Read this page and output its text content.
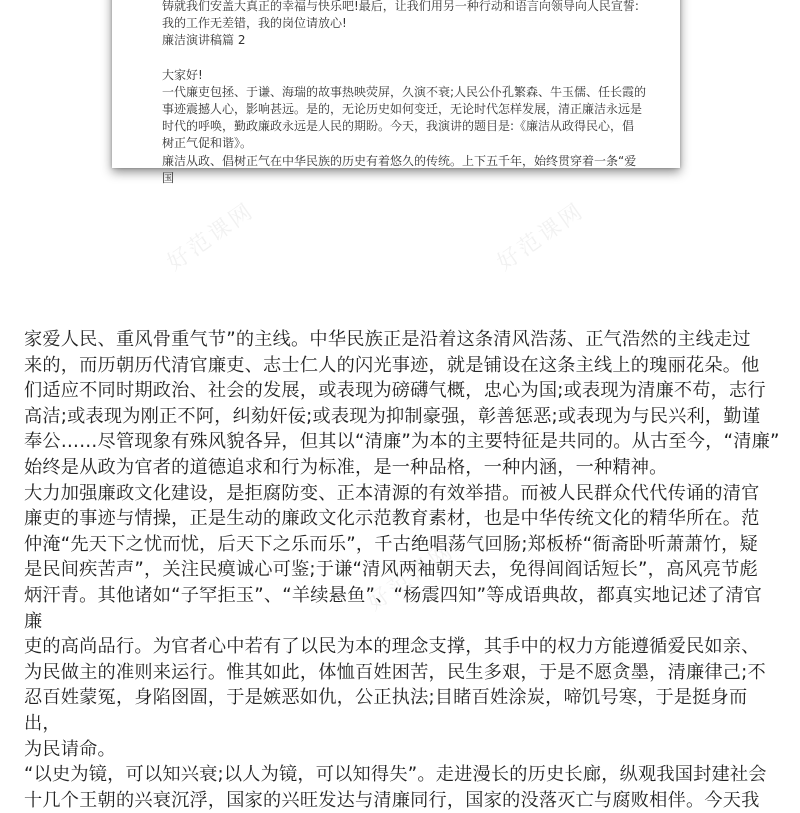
铸就我们安盖大真正的幸福与快乐吧!最后，让我们用另一种行动和语言向领导向人民宣誓:

我的工作无差错，我的岗位请放心!

廉洁演讲稿篇 2

大家好!

一代廉吏包拯、于谦、海瑞的故事热映荧屏，久演不衰;人民公仆孔繁森、牛玉儒、任长霞的

事迹震撼人心，影响甚远。是的，无论历史如何变迁，无论时代怎样发展，清正廉洁永远是

时代的呼唤，勤政廉政永远是人民的期盼。今天，我演讲的题目是:《廉洁从政得民心，倡

树正气促和谐》。

廉洁从政、倡树正气在中华民族的历史有着悠久的传统。上下五千年，始终贯穿着一条“爱国

好范课网	好范课网
好范课网

家爱人民、重风骨重气节”的主线。中华民族正是沿着这条清风浩荡、正气浩然的主线走过

来的，而历朝历代清官廉吏、志士仁人的闪光事迹，就是铺设在这条主线上的瑰丽花朵。他

们适应不同时期政治、社会的发展，或表现为磅礴气概，忠心为国;或表现为清廉不苟，志行

高洁;或表现为刚正不阿，纠劾奸佞;或表现为抑制豪强，彰善惩恶;或表现为与民兴利，勤谨

奉公……尽管现象有殊风貌各异，但其以“清廉”为本的主要特征是共同的。从古至今，“清廉”

始终是从政为官者的道德追求和行为标准，是一种品格，一种内涵，一种精神。

大力加强廉政文化建设，是拒腐防变、正本清源的有效举措。而被人民群众代代传诵的清官

廉吏的事迹与情操，正是生动的廉政文化示范教育素材，也是中华传统文化的精华所在。范

仲淹“先天下之忧而忧，后天下之乐而乐”，千古绝唱荡气回肠;郑板桥“衙斋卧听萧萧竹，疑

是民间疾苦声”，关注民瘼诚心可鉴;于谦“清风两袖朝天去，免得闾阎话短长”，高风亮节彪

炳汗青。其他诸如“子罕拒玉”、“羊续悬鱼”、“杨震四知”等成语典故，都真实地记述了清官廉

吏的高尚品行。为官者心中若有了以民为本的理念支撑，其手中的权力方能遵循爱民如亲、

为民做主的准则来运行。惟其如此，体恤百姓困苦，民生多艰，于是不愿贪墨，清廉律己;不

忍百姓蒙冤，身陷囹圄，于是嫉恶如仇，公正执法;目睹百姓涂炭，啼饥号寒，于是挺身而出，

为民请命。

“以史为镜，可以知兴衰;以人为镜，可以知得失”。走进漫长的历史长廊，纵观我国封建社会

十几个王朝的兴衰沉浮，国家的兴旺发达与清廉同行，国家的没落灭亡与腐败相伴。今天我
